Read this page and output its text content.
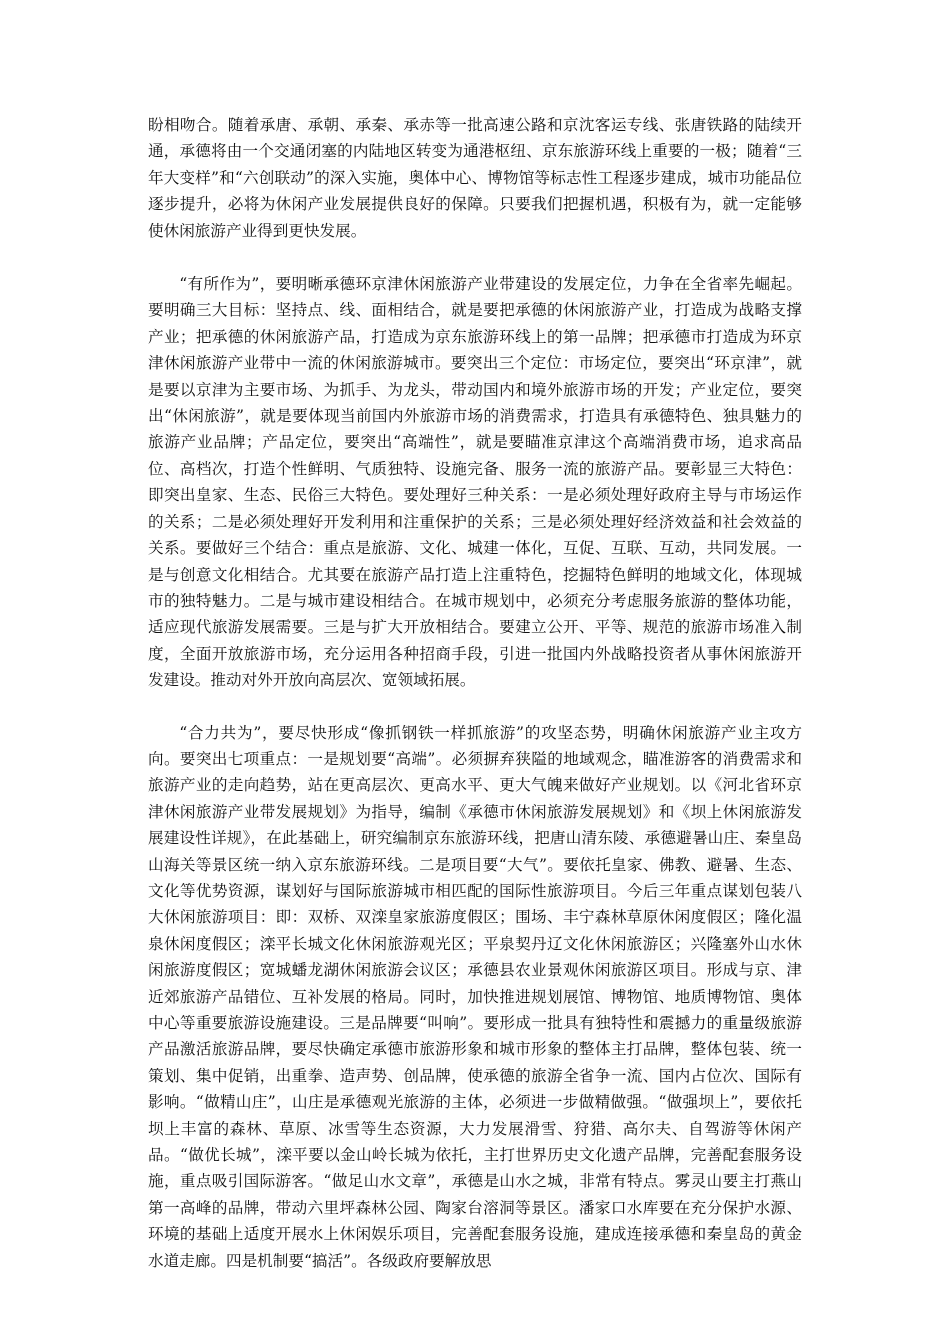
盼相吻合。随着承唐、承朝、承秦、承赤等一批高速公路和京沈客运专线、张唐铁路的陆续开通，承德将由一个交通闭塞的内陆地区转变为通港枢纽、京东旅游环线上重要的一极；随着“三年大变样”和“六创联动”的深入实施，奥体中心、博物馆等标志性工程逐步建成，城市功能品位逐步提升，必将为休闲产业发展提供良好的保障。只要我们把握机遇，积极有为，就一定能够使休闲旅游产业得到更快发展。

“有所作为”，要明晰承德环京津休闲旅游产业带建设的发展定位，力争在全省率先崛起。要明确三大目标：坚持点、线、面相结合，就是要把承德的休闲旅游产业，打造成为战略支撑产业；把承德的休闲旅游产品，打造成为京东旅游环线上的第一品牌；把承德市打造成为环京津休闲旅游产业带中一流的休闲旅游城市。要突出三个定位：市场定位，要突出“环京津”，就是要以京津为主要市场、为抓手、为龙头，带动国内和境外旅游市场的开发；产业定位，要突出“休闲旅游”，就是要体现当前国内外旅游市场的消费需求，打造具有承德特色、独具魅力的旅游产业品牌；产品定位，要突出“高端性”，就是要瞄准京津这个高端消费市场，追求高品位、高档次，打造个性鲜明、气质独特、设施完备、服务一流的旅游产品。要彰显三大特色：即突出皇家、生态、民俗三大特色。要处理好三种关系：一是必须处理好政府主导与市场运作的关系；二是必须处理好开发利用和注重保护的关系；三是必须处理好经济效益和社会效益的关系。要做好三个结合：重点是旅游、文化、城建一体化，互促、互联、互动，共同发展。一是与创意文化相结合。尤其要在旅游产品打造上注重特色，挖掘特色鲜明的地域文化，体现城市的独特魅力。二是与城市建设相结合。在城市规划中，必须充分考虑服务旅游的整体功能，适应现代旅游发展需要。三是与扩大开放相结合。要建立公开、平等、规范的旅游市场准入制度，全面开放旅游市场，充分运用各种招商手段，引进一批国内外战略投资者从事休闲旅游开发建设。推动对外开放向高层次、宽领域拓展。

“合力共为”，要尽快形成“像抓钢铁一样抓旅游”的攻坚态势，明确休闲旅游产业主攻方向。要突出七项重点：一是规划要“高端”。必须摒弃狭隘的地域观念，瞄准游客的消费需求和旅游产业的走向趋势，站在更高层次、更高水平、更大气魄来做好产业规划。以《河北省环京津休闲旅游产业带发展规划》为指导，编制《承德市休闲旅游发展规划》和《坝上休闲旅游发展建设性详规》，在此基础上，研究编制京东旅游环线，把唐山清东陵、承德避暑山庄、秦皇岛山海关等景区统一纳入京东旅游环线。二是项目要“大气”。要依托皇家、佛教、避暑、生态、文化等优势资源，谋划好与国际旅游城市相匹配的国际性旅游项目。今后三年重点谋划包装八大休闲旅游项目：即：双桥、双滦皇家旅游度假区；围场、丰宁森林草原休闲度假区；隆化温泉休闲度假区；滦平长城文化休闲旅游观光区；平泉契丹辽文化休闲旅游区；兴隆塞外山水休闲旅游度假区；宽城蟠龙湖休闲旅游会议区；承德县农业景观休闲旅游区项目。形成与京、津近郊旅游产品错位、互补发展的格局。同时，加快推进规划展馆、博物馆、地质博物馆、奥体中心等重要旅游设施建设。三是品牌要“叫响”。要形成一批具有独特性和震撼力的重量级旅游产品激活旅游品牌，要尽快确定承德市旅游形象和城市形象的整体主打品牌，整体包装、统一策划、集中促销，出重拳、造声势、创品牌，使承德的旅游全省争一流、国内占位次、国际有影响。“做精山庄”，山庄是承德观光旅游的主体，必须进一步做精做强。“做强坝上”，要依托坝上丰富的森林、草原、冰雪等生态资源，大力发展滑雪、狩猎、高尔夫、自驾游等休闲产品。“做优长城”，滦平要以金山岭长城为依托，主打世界历史文化遗产品牌，完善配套服务设施，重点吸引国际游客。“做足山水文章”，承德是山水之城，非常有特点。雾灵山要主打燕山第一高峰的品牌，带动六里坪森林公园、陶家台溶洞等景区。潘家口水库要在充分保护水源、环境的基础上适度开展水上休闲娱乐项目，完善配套服务设施，建成连接承德和秦皇岛的黄金水道走廊。四是机制要“搞活”。各级政府要解放思
